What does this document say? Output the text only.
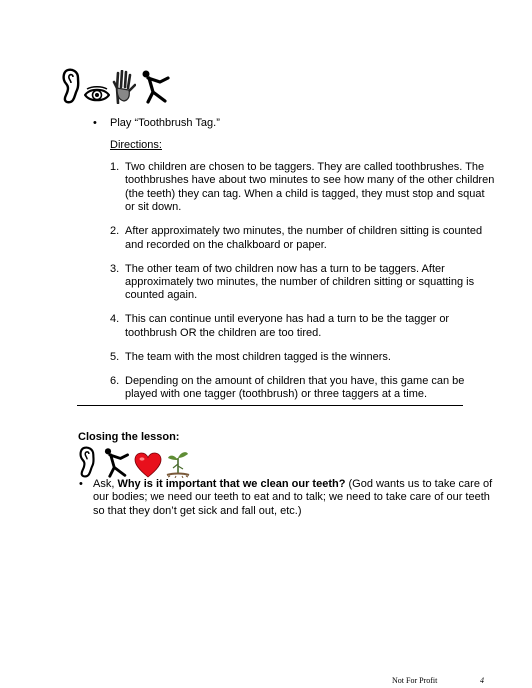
• Play “Toothbrush Tag.”
Directions:
1. Two children are chosen to be taggers. They are called toothbrushes. The toothbrushes have about two minutes to see how many of the other children (the teeth) they can tag. When a child is tagged, they must stop and squat or sit down.
2. After approximately two minutes, the number of children sitting is counted and recorded on the chalkboard or paper.
3. The other team of two children now has a turn to be taggers. After approximately two minutes, the number of children sitting or squatting is counted again.
4. This can continue until everyone has had a turn to be the tagger or toothbrush OR the children are too tired.
5. The team with the most children tagged is the winners.
6. Depending on the amount of children that you have, this game can be played with one tagger (toothbrush) or three taggers at a time.
Closing the lesson:
• Ask, Why is it important that we clean our teeth? (God wants us to take care of our bodies; we need our teeth to eat and to talk; we need to take care of our teeth so that they don’t get sick and fall out, etc.)
Not For Profit	4
